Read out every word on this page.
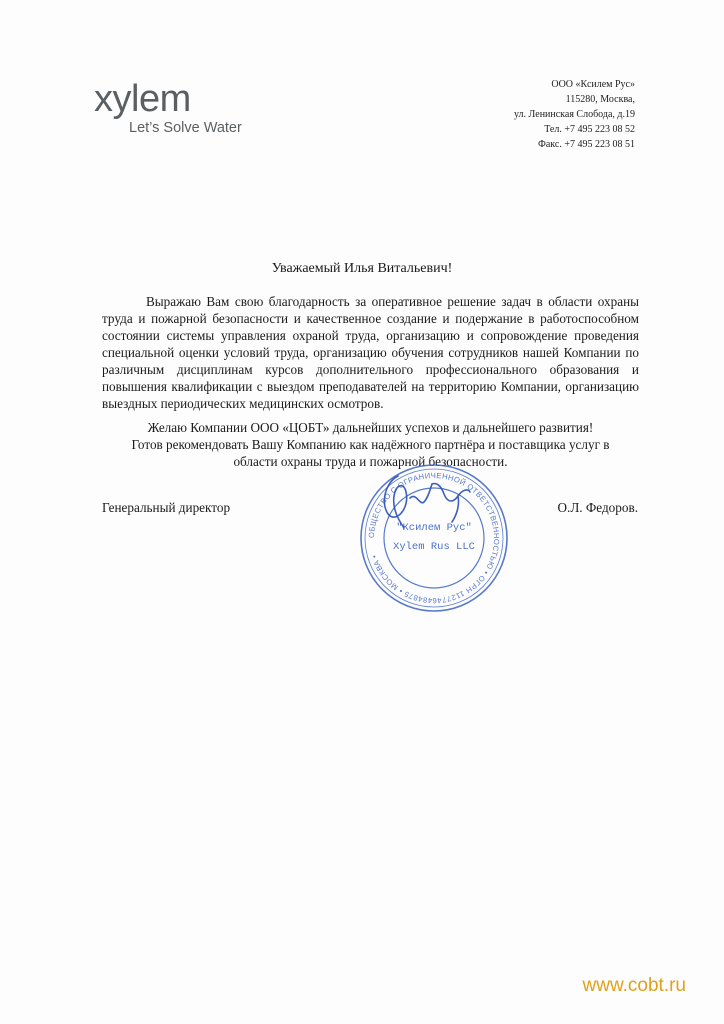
xylem
Let’s Solve Water
ООО «Ксилем Рус»
115280, Москва,
ул. Ленинская Слобода, д.19
Тел. +7 495 223 08 52
Факс. +7 495 223 08 51
Уважаемый Илья Витальевич!
Выражаю Вам свою благодарность за оперативное решение задач в области охраны труда и пожарной безопасности и качественное создание и подержание в работоспособном состоянии системы управления охраной труда, организацию и сопровождение проведения специальной оценки условий труда, организацию обучения сотрудников нашей Компании по различным дисциплинам курсов дополнительного профессионального образования и повышения квалификации с выездом преподавателей на территорию Компании, организацию выездных периодических медицинских осмотров.
Желаю Компании ООО «ЦОБТ» дальнейших успехов и дальнейшего развития!
Готов рекомендовать Вашу Компанию как надёжного партнёра и поставщика услуг в
области охраны труда и пожарной безопасности.
Генеральный директор	О.Л. Федоров.
ОБЩЕСТВО С ОГРАНИЧЕННОЙ ОТВЕТСТВЕННОСТЬЮ • ОГРН 1127746484875 • МОСКВА •
"Ксилем Рус"
Xylem Rus LLC
www.cobt.ru
